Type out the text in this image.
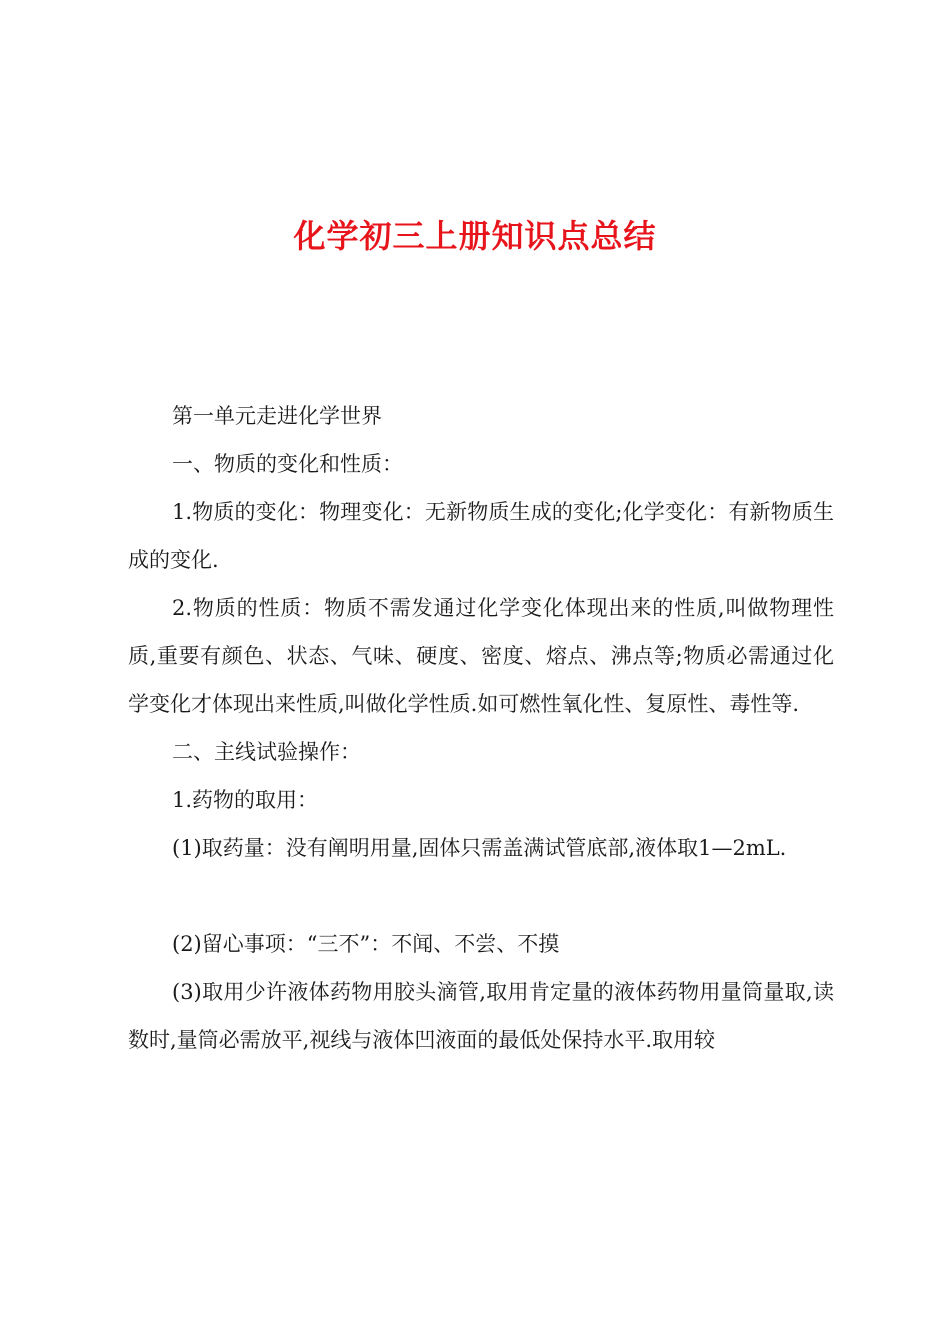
化学初三上册知识点总结

第一单元走进化学世界

一、物质的变化和性质：

1.物质的变化：物理变化：无新物质生成的变化;化学变化：有新物质生成的变化.

2.物质的性质：物质不需发通过化学变化体现出来的性质,叫做物理性质,重要有颜色、状态、气味、硬度、密度、熔点、沸点等;物质必需通过化学变化才体现出来性质,叫做化学性质.如可燃性氧化性、复原性、毒性等.

二、主线试验操作：

1.药物的取用：

(1)取药量：没有阐明用量,固体只需盖满试管底部,液体取1—2mL.

(2)留心事项：“三不”：不闻、不尝、不摸

(3)取用少许液体药物用胶头滴管,取用肯定量的液体药物用量筒量取,读数时,量筒必需放平,视线与液体凹液面的最低处保持水平.取用较
